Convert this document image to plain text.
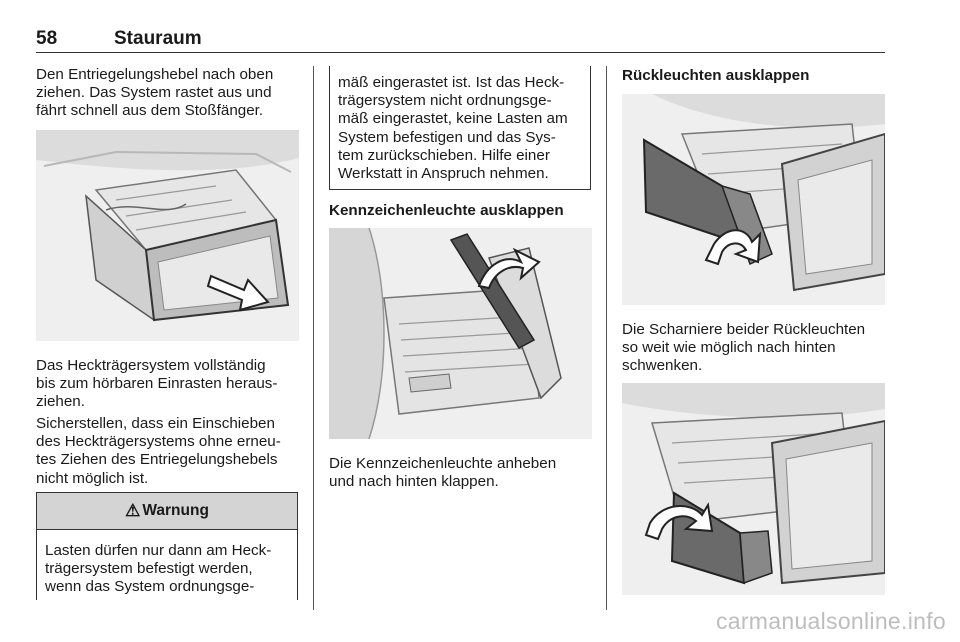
58	Stauraum

Den Entriegelungshebel nach oben

ziehen. Das System rastet aus und

fährt schnell aus dem Stoßfänger.

Das Heckträgersystem vollständig

bis zum hörbaren Einrasten heraus-

ziehen.

Sicherstellen, dass ein Einschieben

des Heckträgersystems ohne erneu-

tes Ziehen des Entriegelungshebels

nicht möglich ist.

⚠ Warnung
Lasten dürfen nur dann am Heck-
trägersystem befestigt werden,
wenn das System ordnungsge-
mäß eingerastet ist. Ist das Heck-
trägersystem nicht ordnungsge-
mäß eingerastet, keine Lasten am
System befestigen und das Sys-
tem zurückschieben. Hilfe einer
Werkstatt in Anspruch nehmen.
Kennzeichenleuchte ausklappen

Die Kennzeichenleuchte anheben

und nach hinten klappen.

Rückleuchten ausklappen

Die Scharniere beider Rückleuchten

so weit wie möglich nach hinten

schwenken.

carmanualsonline.info
